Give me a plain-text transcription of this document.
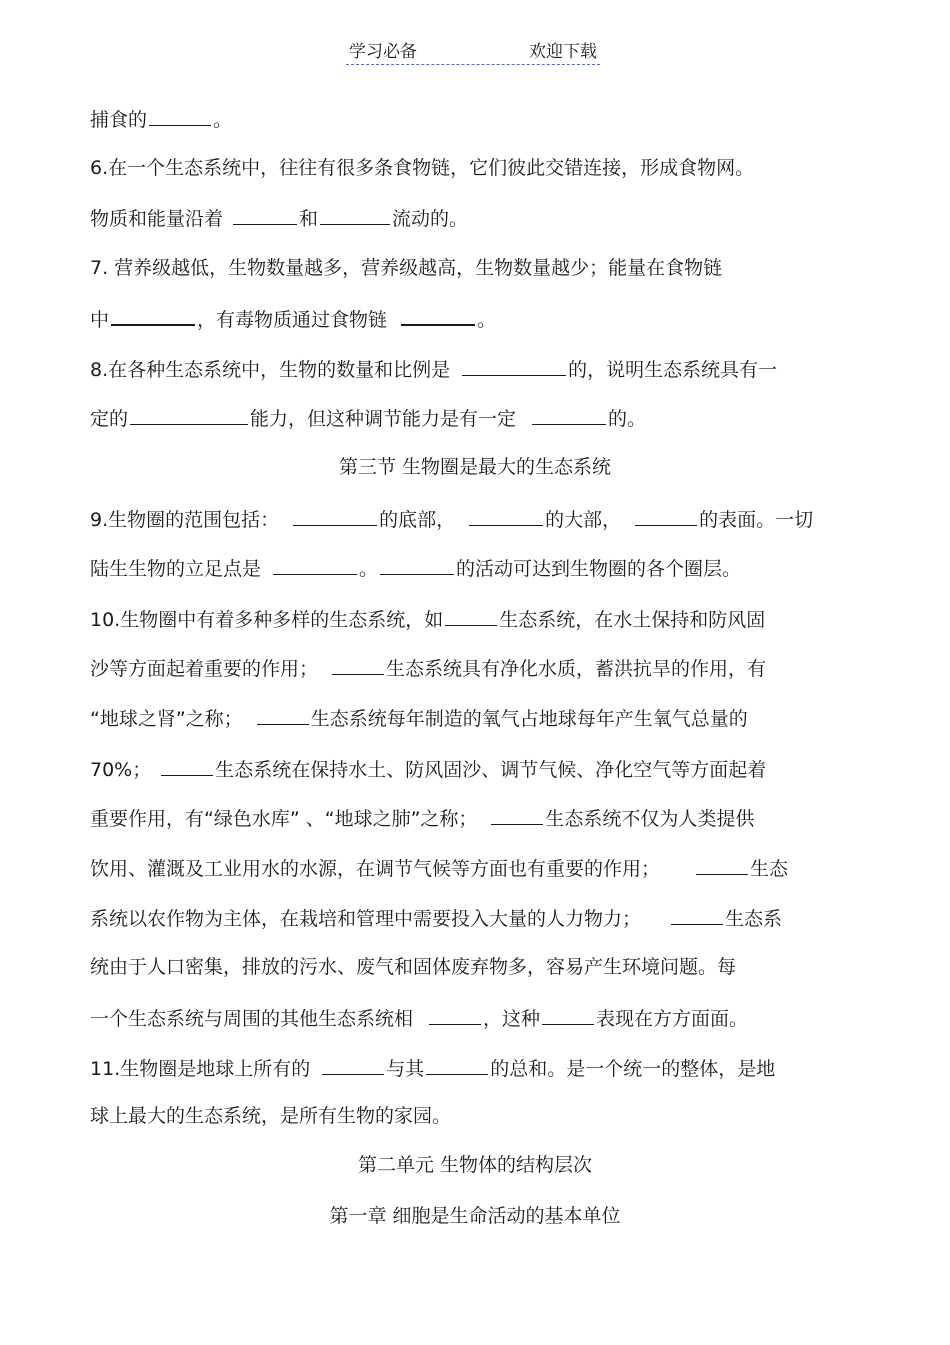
学习必备	欢迎下载
捕食的	。
6.在一个生态系统中，往往有很多条食物链，它们彼此交错连接，形成食物网。
物质和能量沿着	和	流动的。
7. 营养级越低，生物数量越多，营养级越高，生物数量越少；能量在食物链
中	，有毒物质通过食物链	。
8.在各种生态系统中，生物的数量和比例是	的，说明生态系统具有一
定的	能力，但这种调节能力是有一定	的。
第三节 生物圈是最大的生态系统
9.生物圈的范围包括：	的底部，	的大部，	的表面。一切
陆生生物的立足点是	。	的活动可达到生物圈的各个圈层。
10.生物圈中有着多种多样的生态系统，如	生态系统，在水土保持和防风固
沙等方面起着重要的作用；	生态系统具有净化水质，蓄洪抗旱的作用，有
“地球之肾”之称；	生态系统每年制造的氧气占地球每年产生氧气总量的
70%；	生态系统在保持水土、防风固沙、调节气候、净化空气等方面起着
重要作用，有“绿色水库” 、“地球之肺”之称；	生态系统不仅为人类提供
饮用、灌溉及工业用水的水源，在调节气候等方面也有重要的作用；	生态
系统以农作物为主体，在栽培和管理中需要投入大量的人力物力；	生态系
统由于人口密集，排放的污水、废气和固体废弃物多，容易产生环境问题。每
一个生态系统与周围的其他生态系统相	，这种	表现在方方面面。
11.生物圈是地球上所有的	与其	的总和。是一个统一的整体，是地
球上最大的生态系统，是所有生物的家园。
第二单元 生物体的结构层次
第一章 细胞是生命活动的基本单位
